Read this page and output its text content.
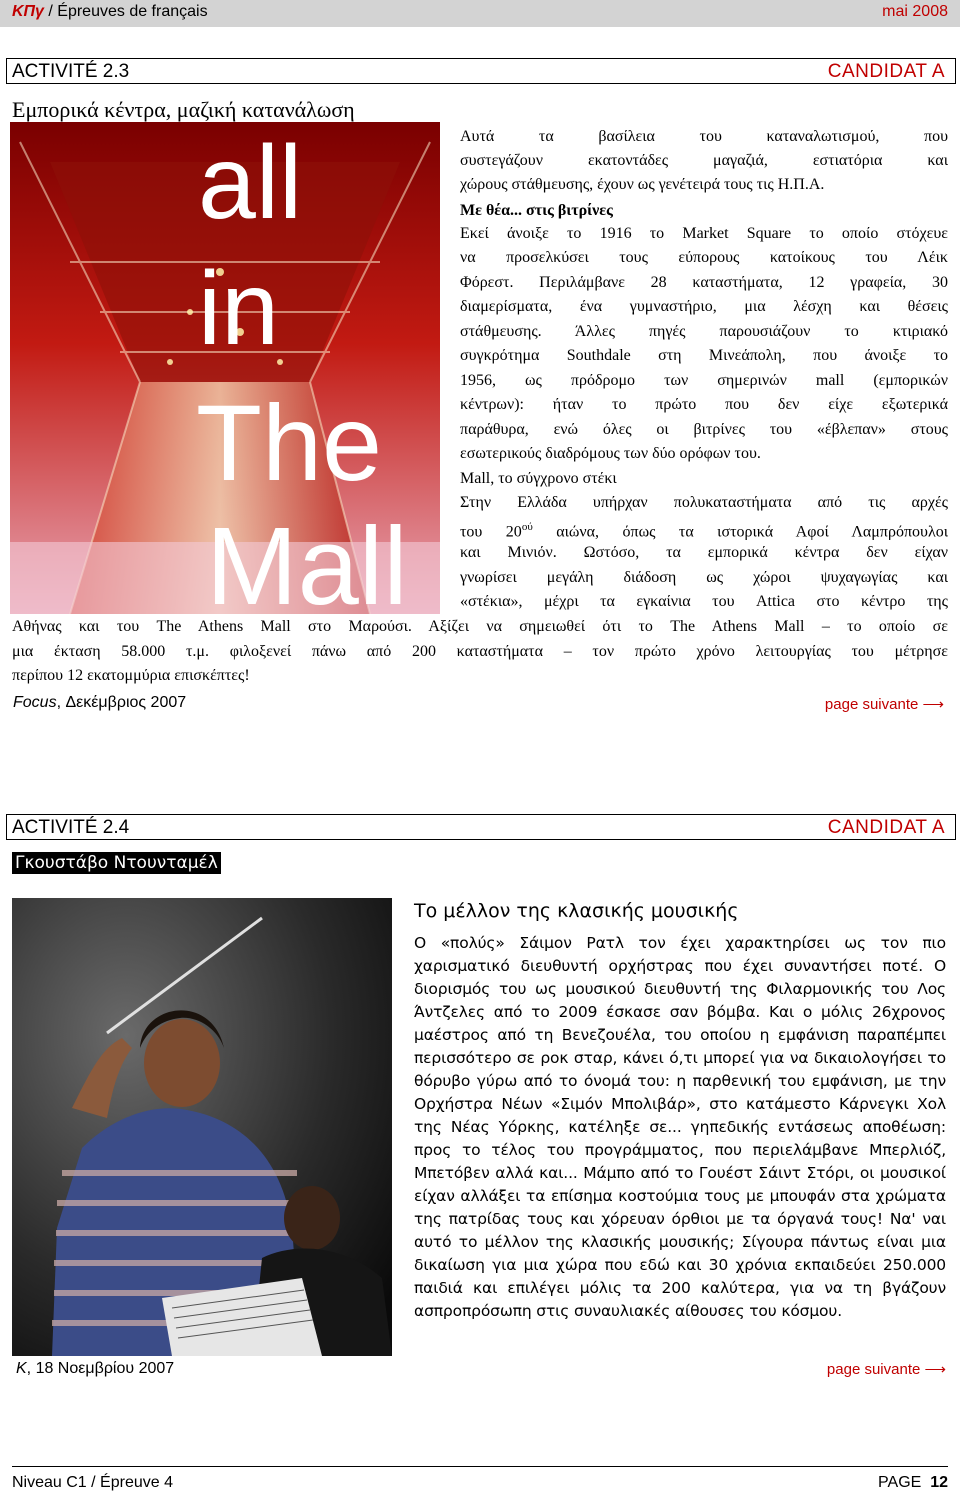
ΚΠγ / Épreuves de français	mai 2008
ACTIVITÉ 2.3	CANDIDAT A
Εμπορικά κέντρα, μαζική κατανάλωση
all
in
The
Mall
Αυτά τα βασίλεια του καταναλωτισμού, που
συστεγάζουν εκατοντάδες μαγαζιά, εστιατόρια και
χώρους στάθμευσης, έχουν ως γενέτειρά τους τις Η.Π.Α.
Με θέα... στις βιτρίνες
Εκεί άνοιξε το 1916 το Market Square το οποίο στόχευε
να προσελκύσει τους εύπορους κατοίκους του Λέικ
Φόρεστ. Περιλάμβανε 28 καταστήματα, 12 γραφεία, 30
διαμερίσματα, ένα γυμναστήριο, μια λέσχη και θέσεις
στάθμευσης. Άλλες πηγές παρουσιάζουν το κτιριακό
συγκρότημα Southdale στη Μινεάπολη, που άνοιξε το
1956, ως πρόδρομο των σημερινών mall (εμπορικών
κέντρων): ήταν το πρώτο που δεν είχε εξωτερικά
παράθυρα, ενώ όλες οι βιτρίνες του «έβλεπαν» στους
εσωτερικούς διαδρόμους των δύο ορόφων του.
Mall, το σύγχρονο στέκι
Στην Ελλάδα υπήρχαν πολυκαταστήματα από τις αρχές
του $20^{oύ}$ αιώνα, όπως τα ιστορικά Αφοί Λαμπρόπουλοι
και Μινιόν. Ωστόσο, τα εμπορικά κέντρα δεν είχαν
γνωρίσει μεγάλη διάδοση ως χώροι ψυχαγωγίας και
«στέκια», μέχρι τα εγκαίνια του Attica στο κέντρο της
Αθήνας και του The Athens Mall στο Μαρούσι. Αξίζει να σημειωθεί ότι το The Athens Mall – το οποίο σε
μια έκταση 58.000 τ.μ. φιλοξενεί πάνω από 200 καταστήματα – τον πρώτο χρόνο λειτουργίας του μέτρησε
περίπου 12 εκατομμύρια επισκέπτες!
Focus, Δεκέμβριος 2007	page suivante ⟶
ACTIVITÉ 2.4	CANDIDAT A
Γκουστάβο Ντουνταμέλ
Το μέλλον της κλασικής μουσικής
Ο «πολύς» Σάιμον Ρατλ τον έχει χαρακτηρίσει ως τον πιο χαρισματικό διευθυντή ορχήστρας που έχει συναντήσει ποτέ. Ο διορισμός του ως μουσικού διευθυντή της Φιλαρμονικής του Λος Άντζελες από το 2009 έσκασε σαν βόμβα. Και ο μόλις 26χρονος μαέστρος από τη Βενεζουέλα, του οποίου η εμφάνιση παραπέμπει περισσότερο σε ροκ σταρ, κάνει ό,τι μπορεί για να δικαιολογήσει το θόρυβο γύρω από το όνομά του: η παρθενική του εμφάνιση, με την Ορχήστρα Νέων «Σιμόν Μπολιβάρ», στο κατάμεστο Κάρνεγκι Χολ της Νέας Υόρκης, κατέληξε σε... γηπεδικής εντάσεως αποθέωση: προς το τέλος του προγράμματος, που περιελάμβανε Μπερλιόζ, Μπετόβεν αλλά και... Μάμπο από το Γουέστ Σάιντ Στόρι, οι μουσικοί είχαν αλλάξει τα επίσημα κοστούμια τους με μπουφάν στα χρώματα της πατρίδας τους και χόρευαν όρθιοι με τα όργανά τους! Να' ναι αυτό το μέλλον της κλασικής μουσικής; Σίγουρα πάντως είναι μια δικαίωση για μια χώρα που εδώ και 30 χρόνια εκπαιδεύει 250.000 παιδιά και επιλέγει μόλις τα 200 καλύτερα, για να τη βγάζουν ασπροπρόσωπη στις συναυλιακές αίθουσες του κόσμου.
K, 18 Νοεμβρίου 2007	page suivante ⟶
Niveau C1 / Épreuve 4	PAGE 12
